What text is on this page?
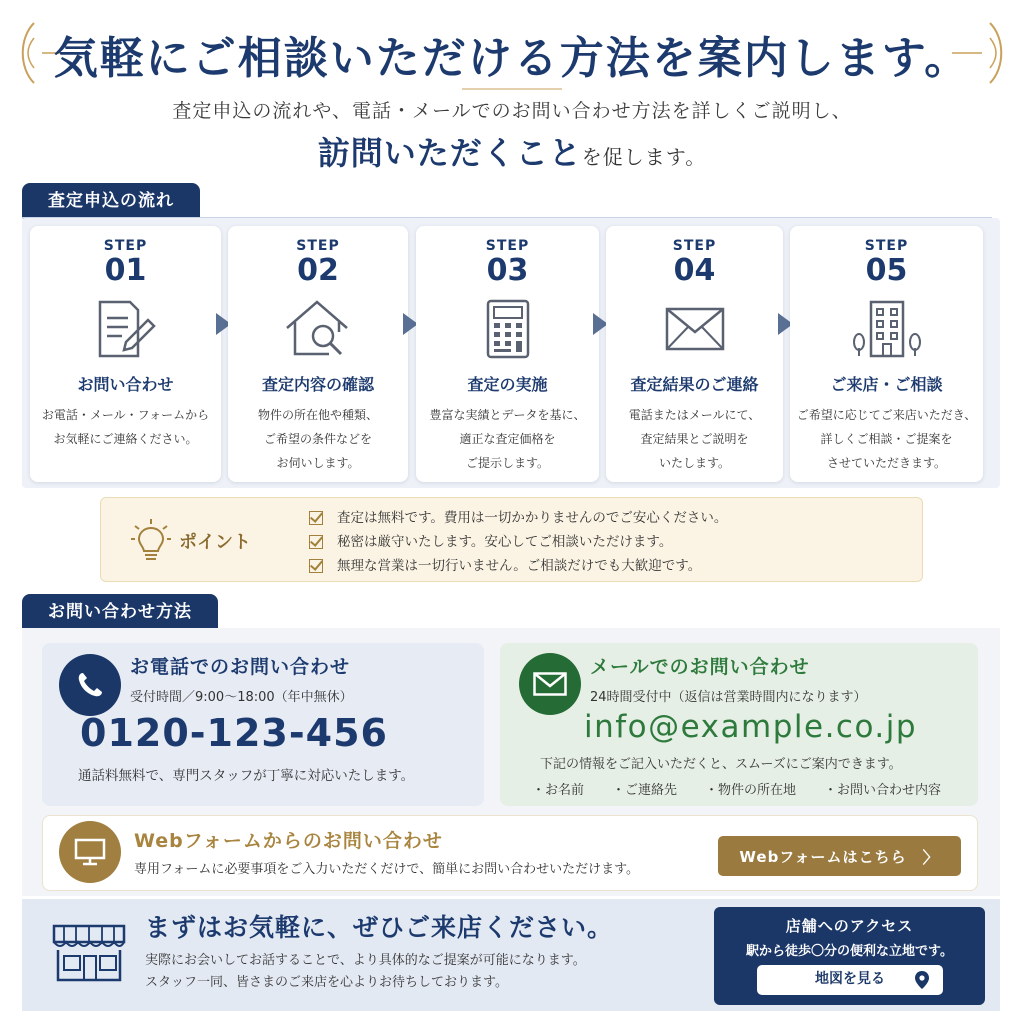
気軽にご相談いただける方法を案内します。
査定申込の流れや、電話・メールでのお問い合わせ方法を詳しくご説明し、
訪問いただくことを促します。
査定申込の流れ
STEP
01
お問い合わせ
お電話・メール・フォームから
お気軽にご連絡ください。
STEP
02
査定内容の確認
物件の所在他や種類、
ご希望の条件などを
お伺いします。
STEP
03
査定の実施
豊富な実績とデータを基に、
適正な査定価格を
ご提示します。
STEP
04
査定結果のご連絡
電話またはメールにて、
査定結果とご説明を
いたします。
STEP
05
ご来店・ご相談
ご希望に応じてご来店いただき、
詳しくご相談・ご提案を
させていただきます。
ポイント
査定は無料です。費用は一切かかりませんのでご安心ください。
秘密は厳守いたします。安心してご相談いただけます。
無理な営業は一切行いません。ご相談だけでも大歓迎です。
お問い合わせ方法
お電話でのお問い合わせ
受付時間／9:00〜18:00（年中無休）
0120-123-456
通話料無料で、専門スタッフが丁寧に対応いたします。
メールでのお問い合わせ
24時間受付中（返信は営業時間内になります）
info@example.co.jp
下記の情報をご記入いただくと、スムーズにご案内できます。
・お名前 ・ご連絡先 ・物件の所在地 ・お問い合わせ内容
Webフォームからのお問い合わせ
専用フォームに必要事項をご入力いただくだけで、簡単にお問い合わせいただけます。
Webフォームはこちら 〉
まずはお気軽に、ぜひご来店ください。
実際にお会いしてお話することで、より具体的なご提案が可能になります。
スタッフ一同、皆さまのご来店を心よりお待ちしております。
店舗へのアクセス
駅から徒歩〇分の便利な立地です。
地図を見る
